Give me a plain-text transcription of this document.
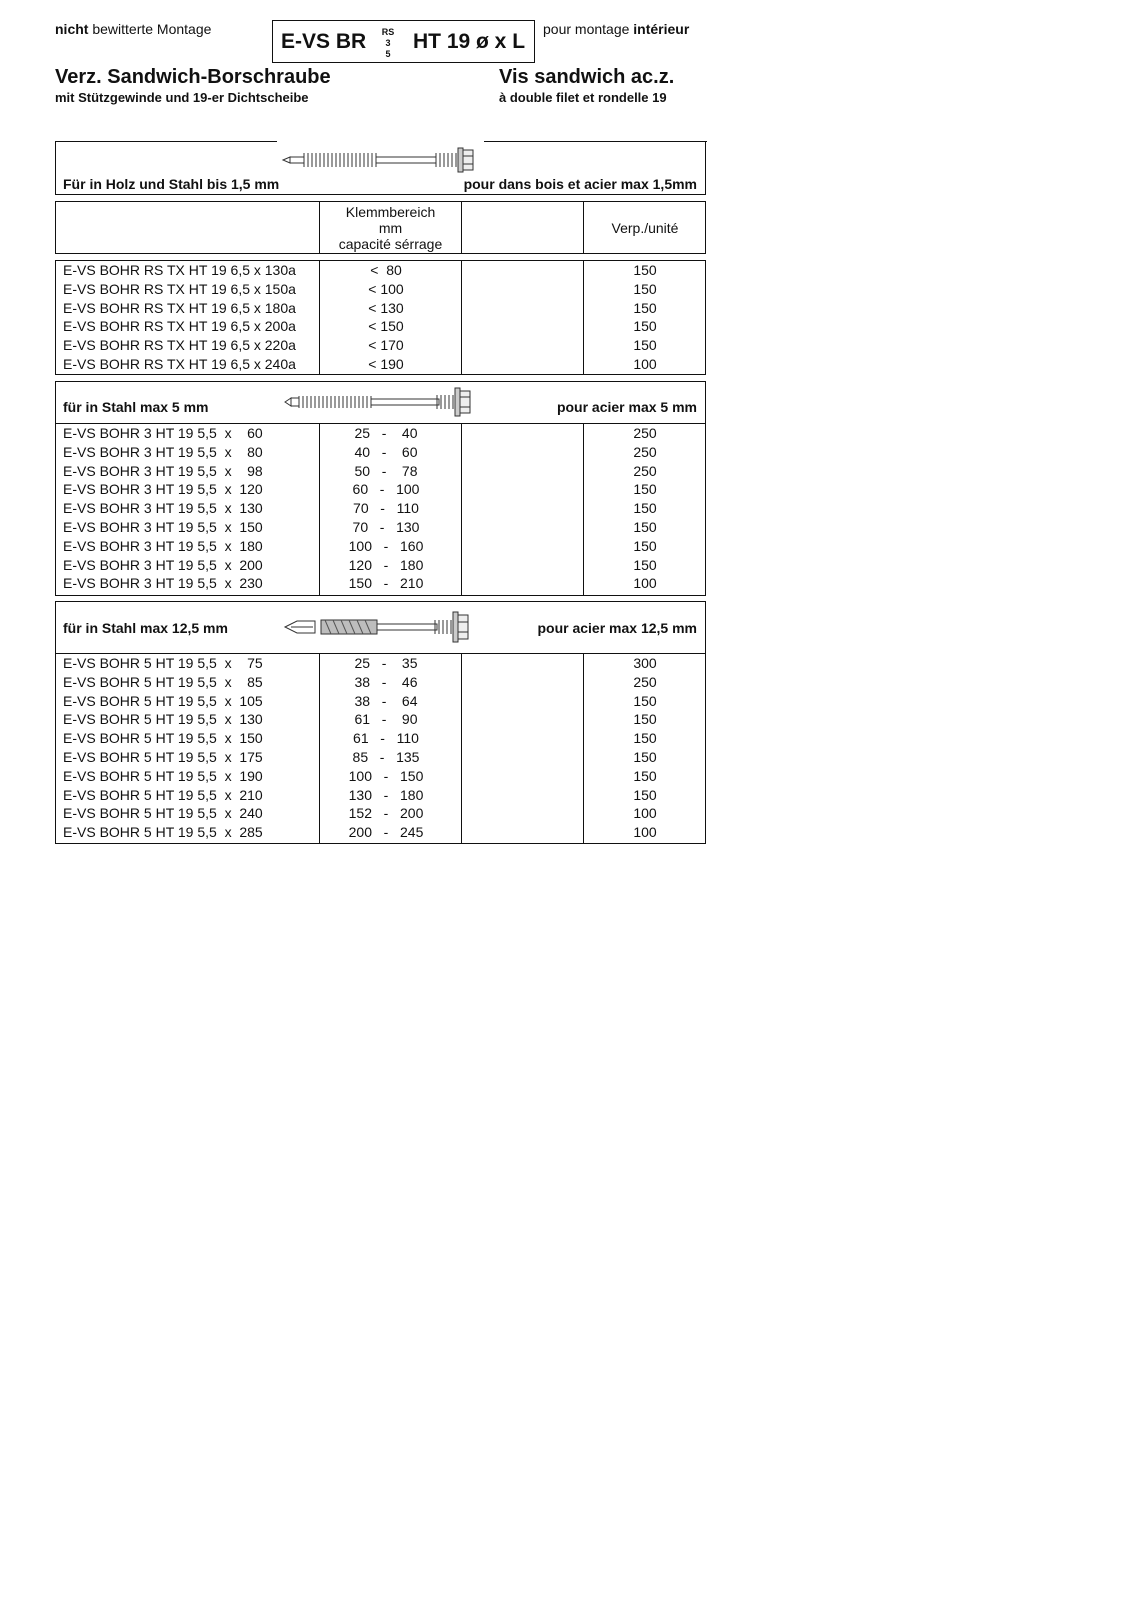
nicht bewitterte Montage
E-VS BR RS
3
5
HT 19 ø x L
pour montage intérieur
Verz. Sandwich-Borschraube
mit Stützgewinde und 19-er Dichtscheibe
Vis sandwich ac.z.
à double filet et rondelle 19
Für in Holz und Stahl bis 1,5 mm	pour dans bois et acier max 1,5mm
Klemmbereich
mm
capacité sérrage
Verp./unité
E-VS BOHR RS TX HT 19 6,5 x 130a	<  80	150
E-VS BOHR RS TX HT 19 6,5 x 150a	< 100	150
E-VS BOHR RS TX HT 19 6,5 x 180a	< 130	150
E-VS BOHR RS TX HT 19 6,5 x 200a	< 150	150
E-VS BOHR RS TX HT 19 6,5 x 220a	< 170	150
E-VS BOHR RS TX HT 19 6,5 x 240a	< 190	100
für in Stahl max 5 mm	pour acier max 5 mm
E-VS BOHR 3 HT 19 5,5  x    60	25   -    40	250
E-VS BOHR 3 HT 19 5,5  x    80	40   -    60	250
E-VS BOHR 3 HT 19 5,5  x    98	50   -    78	250
E-VS BOHR 3 HT 19 5,5  x  120	60   -   100	150
E-VS BOHR 3 HT 19 5,5  x  130	70   -   110	150
E-VS BOHR 3 HT 19 5,5  x  150	70   -   130	150
E-VS BOHR 3 HT 19 5,5  x  180	100   -   160	150
E-VS BOHR 3 HT 19 5,5  x  200	120   -   180	150
E-VS BOHR 3 HT 19 5,5  x  230	150   -   210	100
für in Stahl max 12,5 mm	pour acier max 12,5 mm
E-VS BOHR 5 HT 19 5,5  x    75	25   -    35	300
E-VS BOHR 5 HT 19 5,5  x    85	38   -    46	250
E-VS BOHR 5 HT 19 5,5  x  105	38   -    64	150
E-VS BOHR 5 HT 19 5,5  x  130	61   -    90	150
E-VS BOHR 5 HT 19 5,5  x  150	61   -   110	150
E-VS BOHR 5 HT 19 5,5  x  175	85   -   135	150
E-VS BOHR 5 HT 19 5,5  x  190	100   -   150	150
E-VS BOHR 5 HT 19 5,5  x  210	130   -   180	150
E-VS BOHR 5 HT 19 5,5  x  240	152   -   200	100
E-VS BOHR 5 HT 19 5,5  x  285	200   -   245	100
